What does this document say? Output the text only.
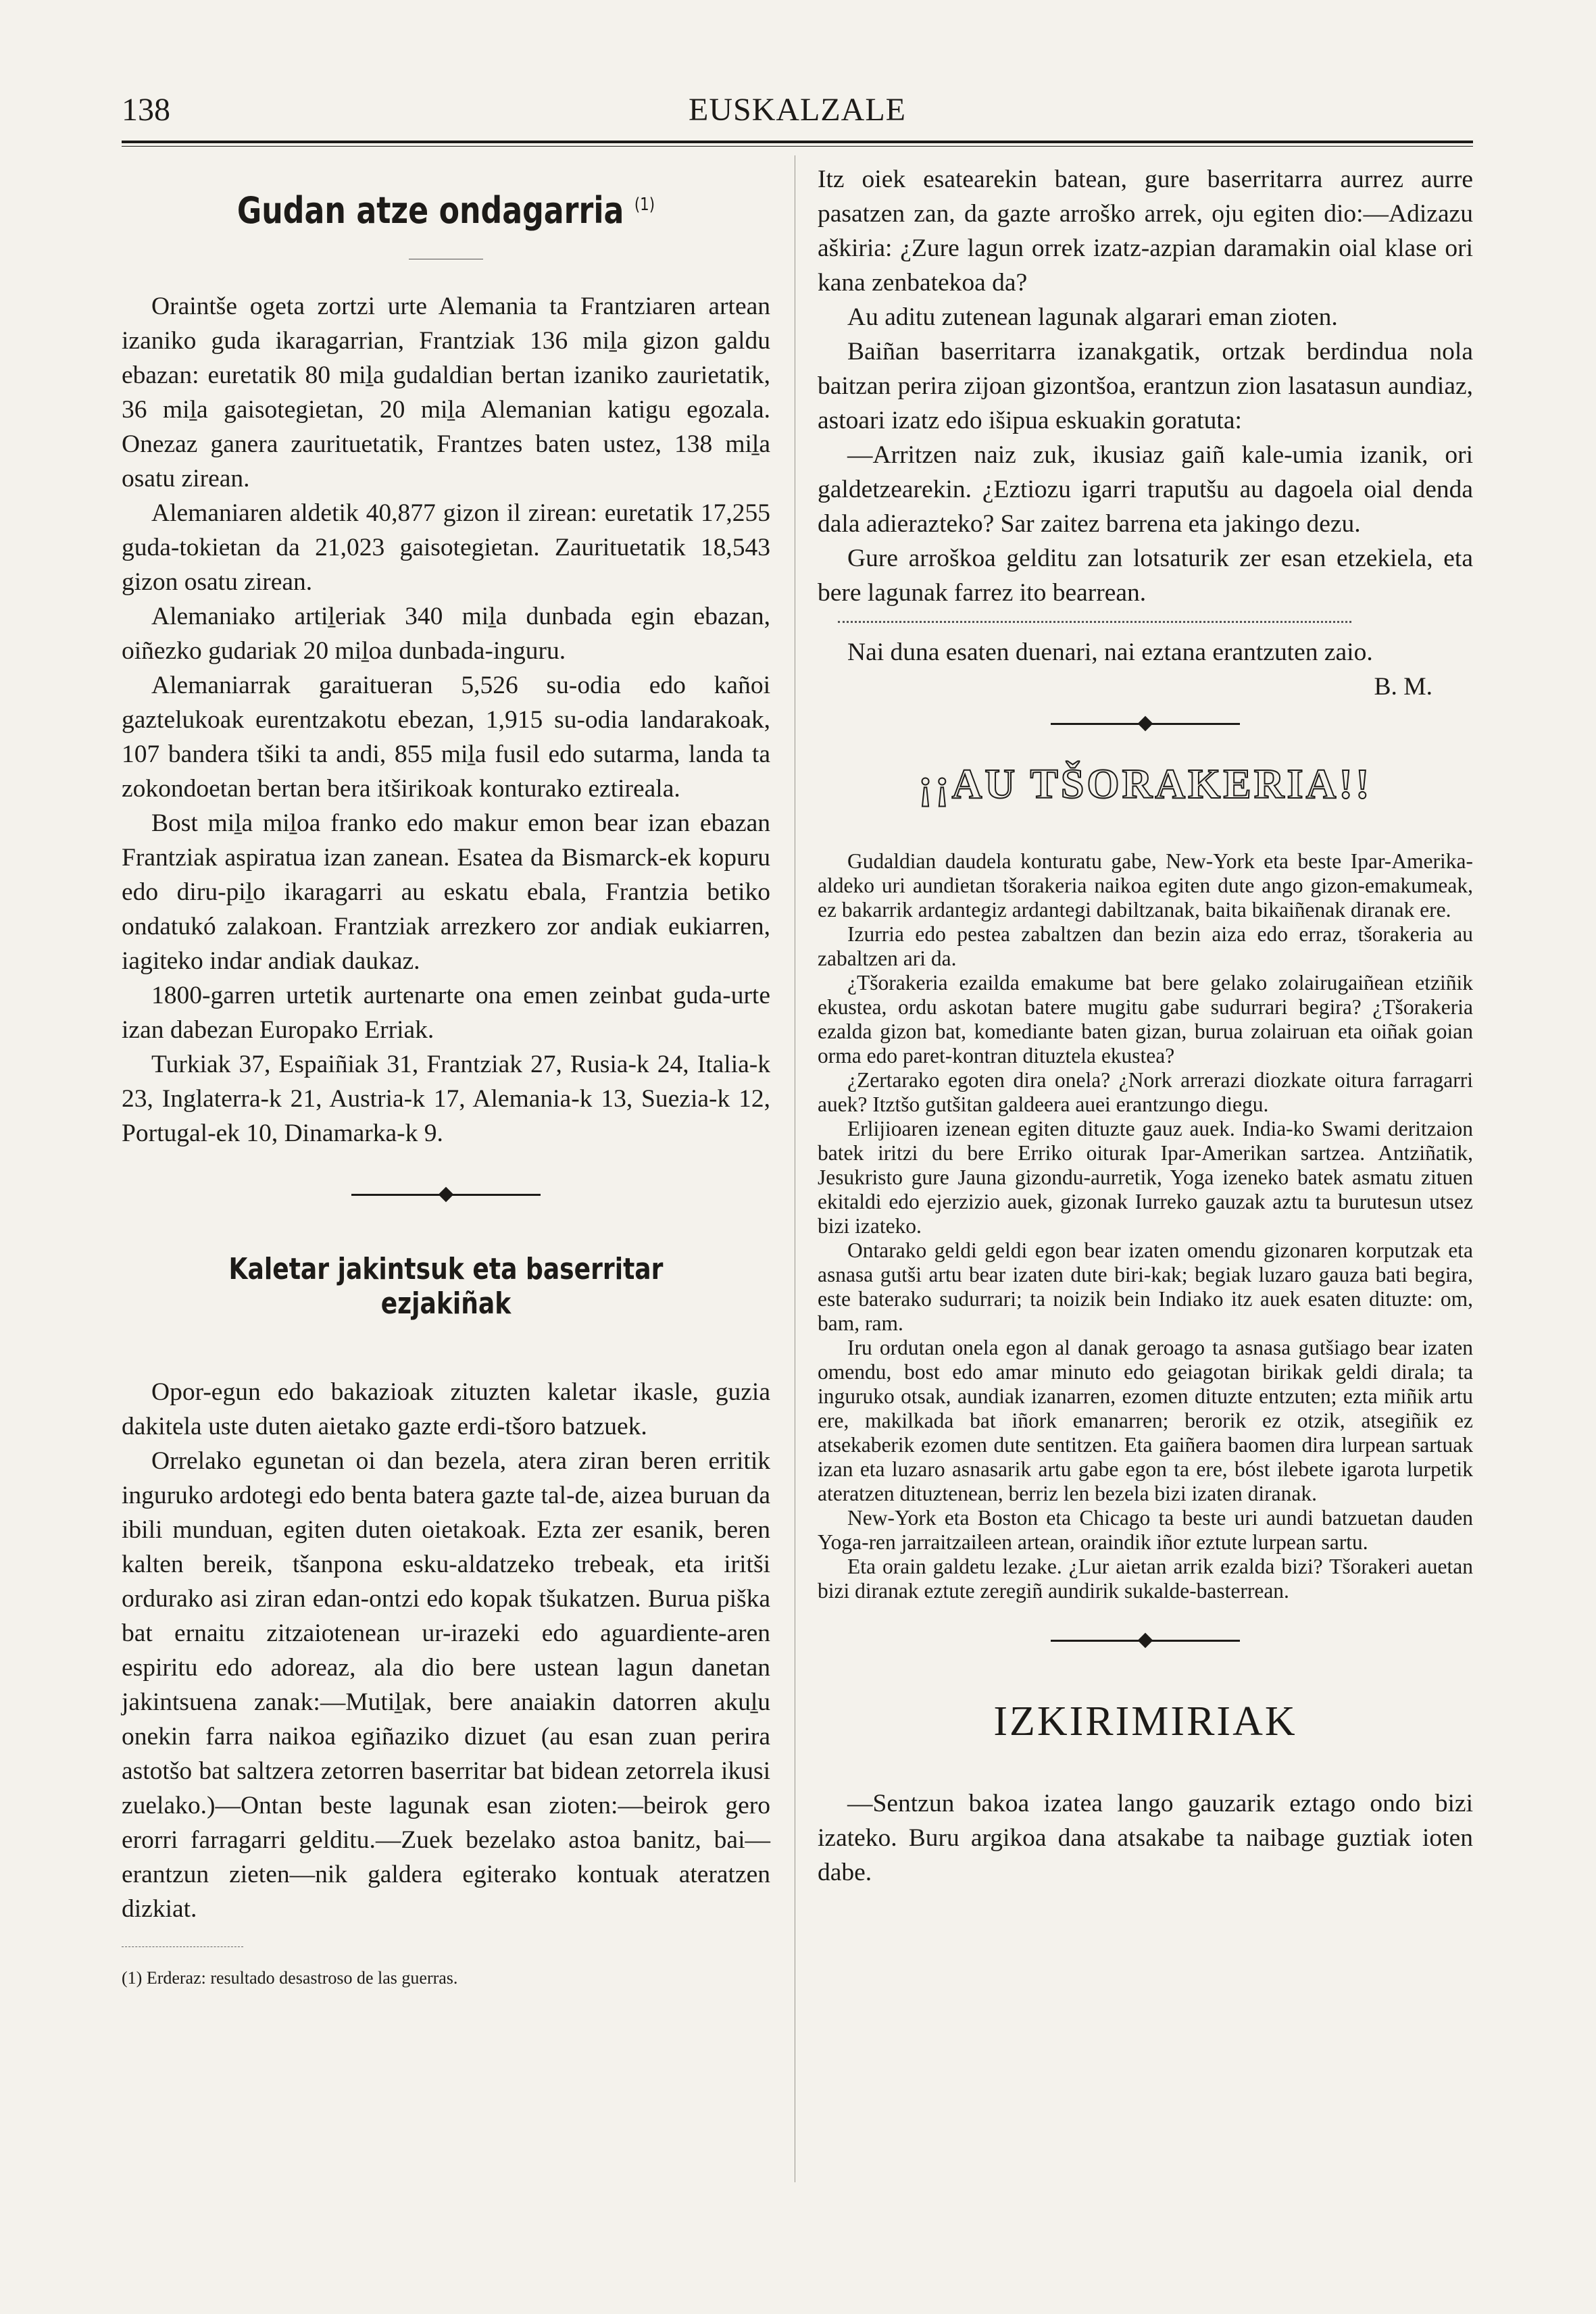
138	EUSKALZALE
Gudan atze ondagarria $^{(1)}$

Oraintše ogeta zortzi urte Alemania ta Frantziaren artean izaniko guda ikaragarrian, Frantziak 136 miḻa gizon galdu ebazan: euretatik 80 miḻa gudaldian bertan izaniko zaurietatik, 36 miḻa gaisotegietan, 20 miḻa Alemanian katigu egozala. Onezaz ganera zaurituetatik, Frantzes baten ustez, 138 miḻa osatu zirean.

Alemaniaren aldetik 40,877 gizon il zirean: euretatik 17,255 guda-tokietan da 21,023 gaisotegietan. Zaurituetatik 18,543 gizon osatu zirean.

Alemaniako artiḻeriak 340 miḻa dunbada egin ebazan, oiñezko gudariak 20 miḻoa dunbada-inguru.

Alemaniarrak garaitueran 5,526 su-odia edo kañoi gaztelukoak eurentzakotu ebezan, 1,915 su-odia landarakoak, 107 bandera tšiki ta andi, 855 miḻa fusil edo sutarma, landa ta zokondoetan bertan bera itširikoak konturako eztireala.

Bost miḻa miḻoa franko edo makur emon bear izan ebazan Frantziak aspiratua izan zanean. Esatea da Bismarck-ek kopuru edo diru-piḻo ikaragarri au eskatu ebala, Frantzia betiko ondatukó zalakoan. Frantziak arrezkero zor andiak eukiarren, iagiteko indar andiak daukaz.

1800-garren urtetik aurtenarte ona emen zeinbat guda-urte izan dabezan Europako Erriak.

Turkiak 37, Espaiñiak 31, Frantziak 27, Rusia-k 24, Italia-k 23, Inglaterra-k 21, Austria-k 17, Alemania-k 13, Suezia-k 12, Portugal-ek 10, Dinamarka-k 9.

Kaletar jakintsuk eta baserritar ezjakiñak

Opor-egun edo bakazioak zituzten kaletar ikasle, guzia dakitela uste duten aietako gazte erdi-tšoro batzuek.

Orrelako egunetan oi dan bezela, atera ziran beren erritik inguruko ardotegi edo benta batera gazte tal-de, aizea buruan da ibili munduan, egiten duten oietakoak. Ezta zer esanik, beren kalten bereik, tšanpona esku-aldatzeko trebeak, eta iritši ordurako asi ziran edan-ontzi edo kopak tšukatzen. Burua piška bat ernaitu zitzaiotenean ur-irazeki edo aguardiente-aren espiritu edo adoreaz, ala dio bere ustean lagun danetan jakintsuena zanak:—Mutiḻak, bere anaiakin datorren akuḻu onekin farra naikoa egiñaziko dizuet (au esan zuan perira astotšo bat saltzera zetorren baserritar bat bidean zetorrela ikusi zuelako.)—Ontan beste lagunak esan zioten:—beirok gero erorri farragarri gelditu.—Zuek bezelako astoa banitz, bai—erantzun zieten—nik galdera egiterako kontuak ateratzen dizkiat.

(1) Erderaz: resultado desastroso de las guerras.

Itz oiek esatearekin batean, gure baserritarra aurrez aurre pasatzen zan, da gazte arroško arrek, oju egiten dio:—Adizazu aškiria: ¿Zure lagun orrek izatz-azpian daramakin oial klase ori kana zenbatekoa da?

Au aditu zutenean lagunak algarari eman zioten.

Baiñan baserritarra izanakgatik, ortzak berdindua nola baitzan perira zijoan gizontšoa, erantzun zion lasatasun aundiaz, astoari izatz edo išipua eskuakin goratuta:

—Arritzen naiz zuk, ikusiaz gaiñ kale-umia izanik, ori galdetzearekin. ¿Eztiozu igarri traputšu au dagoela oial denda dala adierazteko? Sar zaitez barrena eta jakingo dezu.

Gure arroškoa gelditu zan lotsaturik zer esan etzekiela, eta bere lagunak farrez ito bearrean.

Nai duna esaten duenari, nai eztana erantzuten zaio.

B. M.
¡¡AU TŠORAKERIA!!

Gudaldian daudela konturatu gabe, New-York eta beste Ipar-Amerika-aldeko uri aundietan tšorakeria naikoa egiten dute ango gizon-emakumeak, ez bakarrik ardantegiz ardantegi dabiltzanak, baita bikaiñenak diranak ere.

Izurria edo pestea zabaltzen dan bezin aiza edo erraz, tšorakeria au zabaltzen ari da.

¿Tšorakeria ezailda emakume bat bere gelako zolairugaiñean etziñik ekustea, ordu askotan batere mugitu gabe sudurrari begira? ¿Tšorakeria ezalda gizon bat, komediante baten gizan, burua zolairuan eta oiñak goian orma edo paret-kontran dituztela ekustea?

¿Zertarako egoten dira onela? ¿Nork arrerazi diozkate oitura farragarri auek? Itztšo gutšitan galdeera auei erantzungo diegu.

Erlijioaren izenean egiten dituzte gauz auek. India-ko Swami deritzaion batek iritzi du bere Erriko oiturak Ipar-Amerikan sartzea. Antziñatik, Jesukristo gure Jauna gizondu-aurretik, Yoga izeneko batek asmatu zituen ekitaldi edo ejerzizio auek, gizonak Iurreko gauzak aztu ta burutesun utsez bizi izateko.

Ontarako geldi geldi egon bear izaten omendu gizonaren korputzak eta asnasa gutši artu bear izaten dute biri-kak; begiak luzaro gauza bati begira, este baterako sudurrari; ta noizik bein Indiako itz auek esaten dituzte: om, bam, ram.

Iru ordutan onela egon al danak geroago ta asnasa gutšiago bear izaten omendu, bost edo amar minuto edo geiagotan birikak geldi dirala; ta inguruko otsak, aundiak izanarren, ezomen dituzte entzuten; ezta miñik artu ere, makilkada bat iñork emanarren; berorik ez otzik, atsegiñik ez atsekaberik ezomen dute sentitzen. Eta gaiñera baomen dira lurpean sartuak izan eta luzaro asnasarik artu gabe egon ta ere, bóst ilebete igarota lurpetik ateratzen dituztenean, berriz len bezela bizi izaten diranak.

New-York eta Boston eta Chicago ta beste uri aundi batzuetan dauden Yoga-ren jarraitzaileen artean, oraindik iñor eztute lurpean sartu.

Eta orain galdetu lezake. ¿Lur aietan arrik ezalda bizi? Tšorakeri auetan bizi diranak eztute zeregiñ aundirik sukalde-basterrean.

IZKIRIMIRIAK

—Sentzun bakoa izatea lango gauzarik eztago ondo bizi izateko. Buru argikoa dana atsakabe ta naibage guztiak ioten dabe.
